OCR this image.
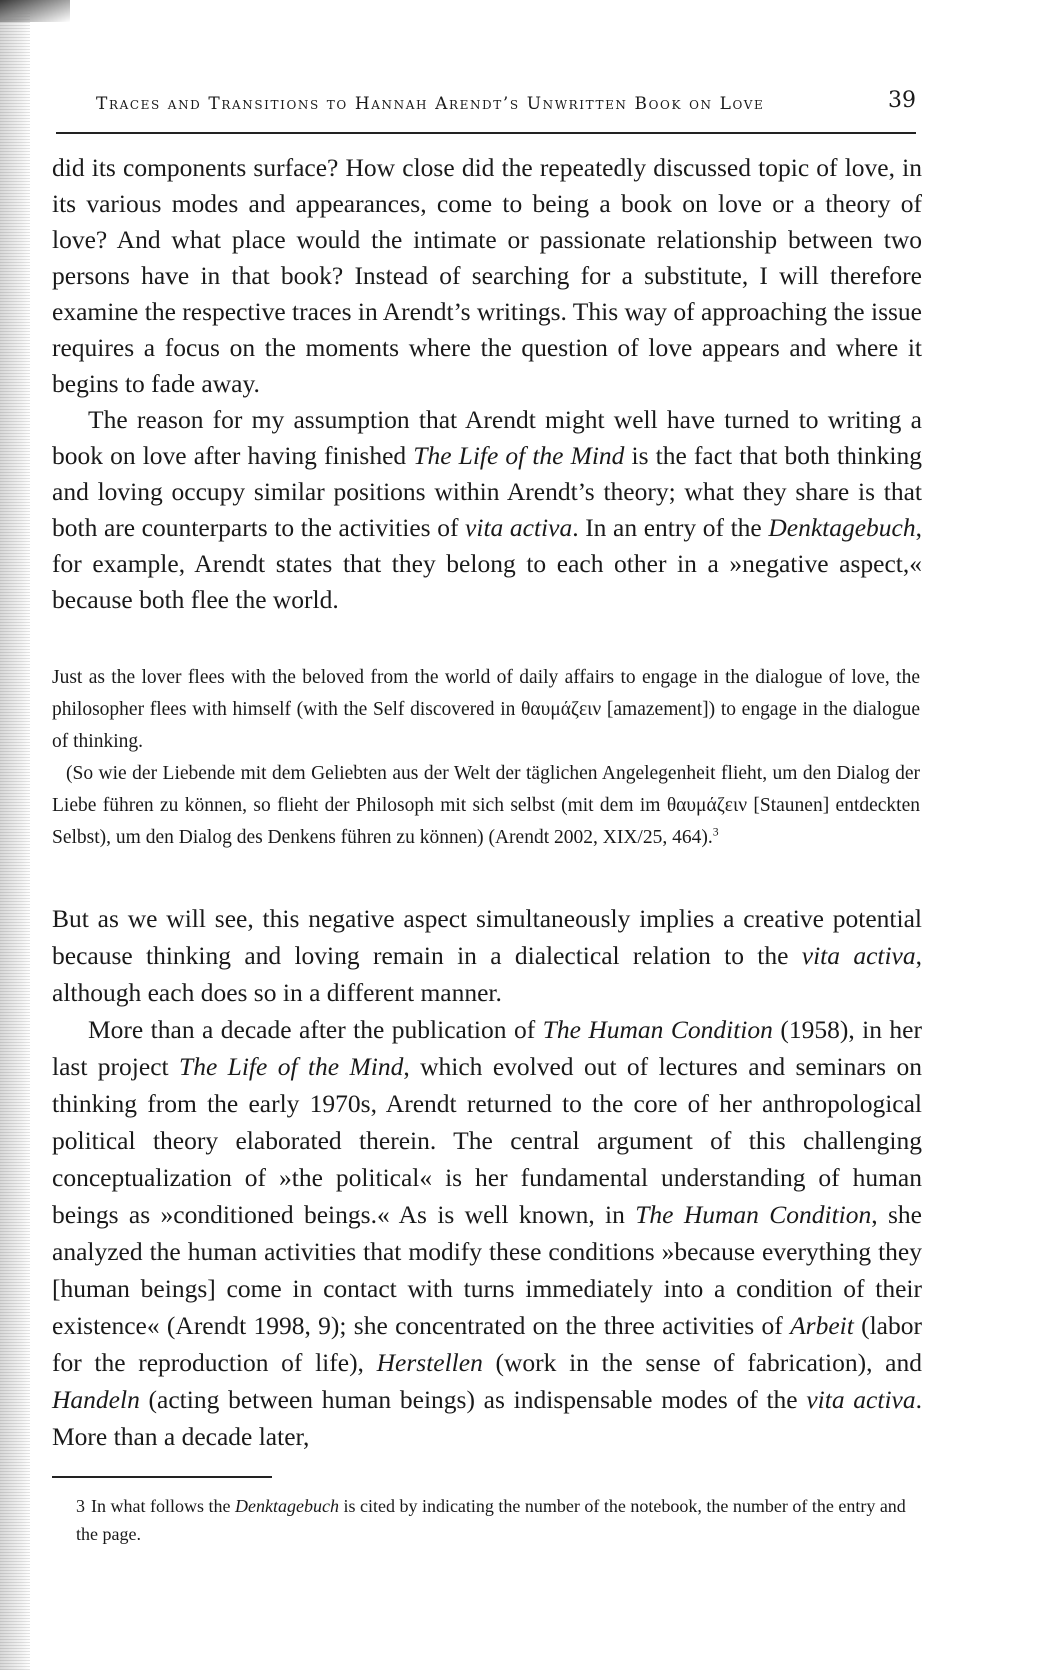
Traces and Transitions to Hannah Arendt’s Unwritten Book on Love	39

did its components surface? How close did the repeatedly discussed topic of love, in its various modes and appearances, come to being a book on love or a theory of love? And what place would the intimate or passionate relationship between two persons have in that book? Instead of searching for a substitute, I will therefore examine the respective traces in Arendt’s writings. This way of approaching the issue requires a focus on the moments where the question of love appears and where it begins to fade away.

The reason for my assumption that Arendt might well have turned to writing a book on love after having finished The Life of the Mind is the fact that both thinking and loving occupy similar positions within Arendt’s theory; what they share is that both are counterparts to the activities of vita activa. In an entry of the Denktagebuch, for example, Arendt states that they belong to each other in a »negative aspect,« because both flee the world.

Just as the lover flees with the beloved from the world of daily affairs to engage in the dialogue of love, the philosopher flees with himself (with the Self discovered in θαυμάζειν [amazement]) to engage in the dialogue of thinking.

(So wie der Liebende mit dem Geliebten aus der Welt der täglichen Angelegenheit flieht, um den Dialog der Liebe führen zu können, so flieht der Philosoph mit sich selbst (mit dem im θαυμάζειν [Staunen] entdeckten Selbst), um den Dialog des Denkens führen zu können) (Arendt 2002, XIX/25, 464).$^3$

But as we will see, this negative aspect simultaneously implies a creative potential because thinking and loving remain in a dialectical relation to the vita activa, although each does so in a different manner.

More than a decade after the publication of The Human Condition (1958), in her last project The Life of the Mind, which evolved out of lectures and seminars on thinking from the early 1970s, Arendt returned to the core of her anthropological political theory elaborated therein. The central argument of this challenging conceptualization of »the political« is her fundamental understanding of human beings as »conditioned beings.« As is well known, in The Human Condition, she analyzed the human activities that modify these conditions »because everything they [human beings] come in contact with turns immediately into a condition of their existence« (Arendt 1998, 9); she concentrated on the three activities of Arbeit (labor for the reproduction of life), Herstellen (work in the sense of fabrication), and Handeln (acting between human beings) as indispensable modes of the vita activa. More than a decade later,

3 In what follows the Denktagebuch is cited by indicating the number of the notebook, the number of the entry and the page.
